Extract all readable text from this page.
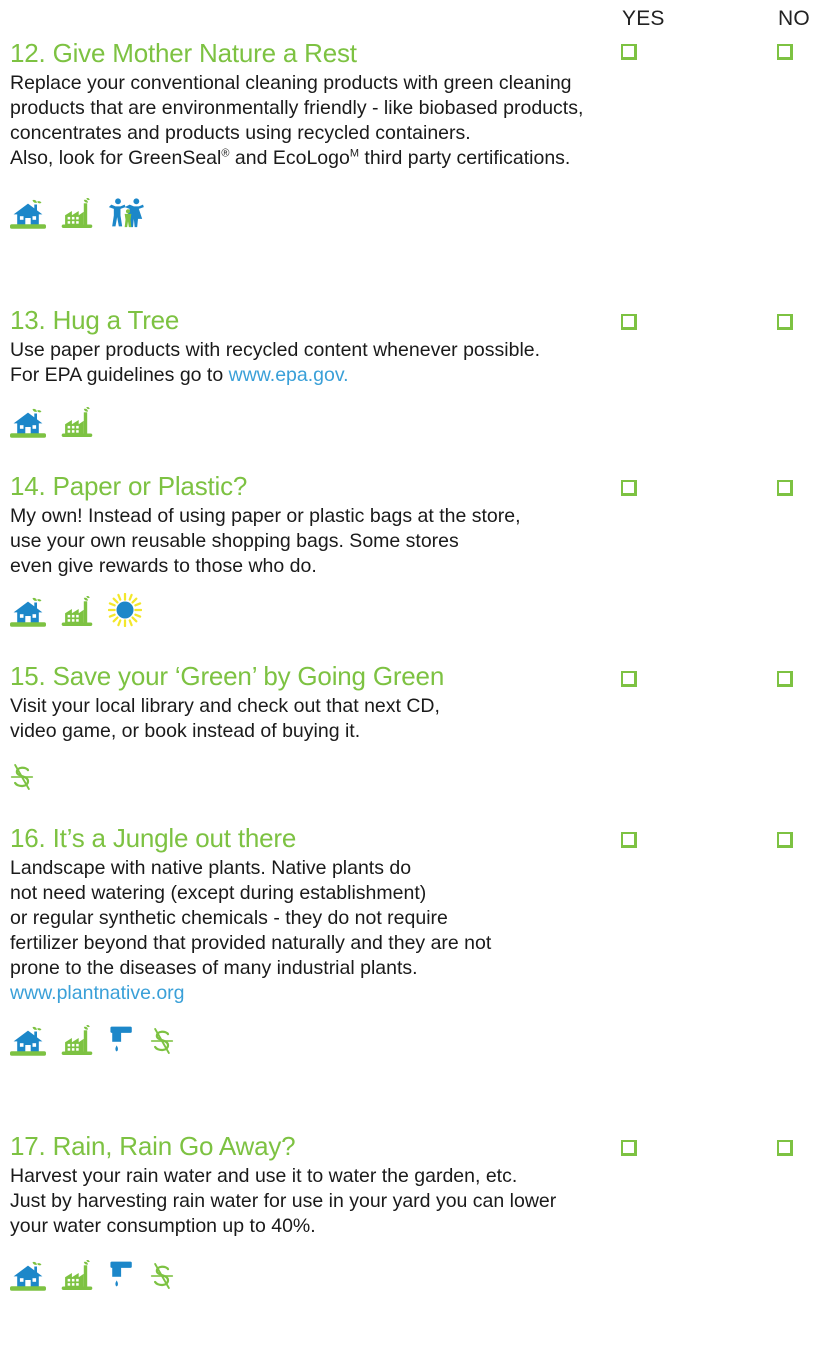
YES	NO
12. Give Mother Nature a Rest
Replace your conventional cleaning products with green cleaning products that are environmentally friendly - like biobased products, concentrates and products using recycled containers.
Also, look for GreenSeal® and EcoLogo$^M$ third party certifications.
13. Hug a Tree
Use paper products with recycled content whenever possible.
For EPA guidelines go to www.epa.gov.
14. Paper or Plastic?
My own! Instead of using paper or plastic bags at the store,
use your own reusable shopping bags. Some stores
even give rewards to those who do.
15. Save your ‘Green’ by Going Green
Visit your local library and check out that next CD,
video game, or book instead of buying it.
16. It’s a Jungle out there
Landscape with native plants. Native plants do
not need watering (except during establishment)
or regular synthetic chemicals - they do not require
fertilizer beyond that provided naturally and they are not
prone to the diseases of many industrial plants.
www.plantnative.org
17. Rain, Rain Go Away?
Harvest your rain water and use it to water the garden, etc.
Just by harvesting rain water for use in your yard you can lower
your water consumption up to 40%.
